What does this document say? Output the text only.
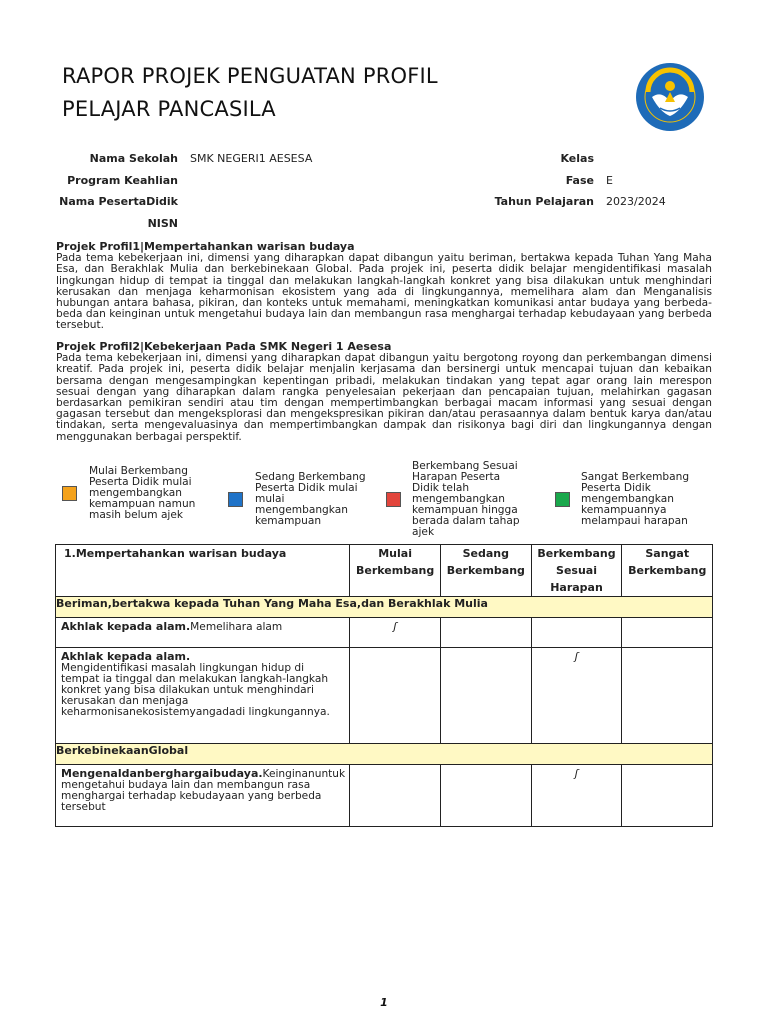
RAPOR PROJEK PENGUATAN PROFIL
PELAJAR PANCASILA
Nama Sekolah SMK NEGERI1 AESESA
Program Keahlian
Nama PesertaDidik
NISN
Kelas
Fase E
Tahun Pelajaran 2023/2024
Projek Profil1|Mempertahankan warisan budaya

Pada tema kebekerjaan ini, dimensi yang diharapkan dapat dibangun yaitu beriman, bertakwa kepada Tuhan Yang Maha Esa, dan Berakhlak Mulia dan berkebinekaan Global. Pada projek ini, peserta didik belajar mengidentifikasi masalah lingkungan hidup di tempat ia tinggal dan melakukan langkah-langkah konkret yang bisa dilakukan untuk menghindari kerusakan dan menjaga keharmonisan ekosistem yang ada di lingkungannya, memelihara alam dan Menganalisis hubungan antara bahasa, pikiran, dan konteks untuk memahami, meningkatkan komunikasi antar budaya yang berbeda-beda dan keinginan untuk mengetahui budaya lain dan membangun rasa menghargai terhadap kebudayaan yang berbeda tersebut.

Projek Profil2|Kebekerjaan Pada SMK Negeri 1 Aesesa

Pada tema kebekerjaan ini, dimensi yang diharapkan dapat dibangun yaitu bergotong royong dan perkembangan dimensi kreatif. Pada projek ini, peserta didik belajar menjalin kerjasama dan bersinergi untuk mencapai tujuan dan kebaikan bersama dengan mengesampingkan kepentingan pribadi, melakukan tindakan yang tepat agar orang lain merespon sesuai dengan yang diharapkan dalam rangka penyelesaian pekerjaan dan pencapaian tujuan, melahirkan gagasan berdasarkan pemikiran sendiri atau tim dengan mempertimbangkan berbagai macam informasi yang sesuai dengan gagasan tersebut dan mengeksplorasi dan mengekspresikan pikiran dan/atau perasaannya dalam bentuk karya dan/atau tindakan, serta mengevaluasinya dan mempertimbangkan dampak dan risikonya bagi diri dan lingkungannya dengan menggunakan berbagai perspektif.

Mulai Berkembang Peserta Didik mulai mengembangkan kemampuan namun masih belum ajek
Sedang Berkembang Peserta Didik mulai mulai mengembangkan kemampuan
Berkembang Sesuai Harapan Peserta Didik telah mengembangkan kemampuan hingga berada dalam tahap ajek
Sangat Berkembang Peserta Didik mengembangkan kemampuannya melampaui harapan
1.Mempertahankan warisan budaya	Mulai Berkembang	Sedang Berkembang	Berkembang Sesuai Harapan	Sangat Berkembang
Beriman,bertakwa kepada Tuhan Yang Maha Esa,dan Berakhlak Mulia				
Akhlak kepada alam.Memelihara alam	ʃ			
Akhlak kepada alam.
Mengidentifikasi masalah lingkungan hidup di tempat ia tinggal dan melakukan langkah-langkah konkret yang bisa dilakukan untuk menghindari kerusakan dan menjaga keharmonisanekosistemyangadadi lingkungannya.			ʃ	
BerkebinekaanGlobal				
Mengenaldanberghargaibudaya.Keinginanuntuk mengetahui budaya lain dan membangun rasa menghargai terhadap kebudayaan yang berbeda tersebut			ʃ	
1
